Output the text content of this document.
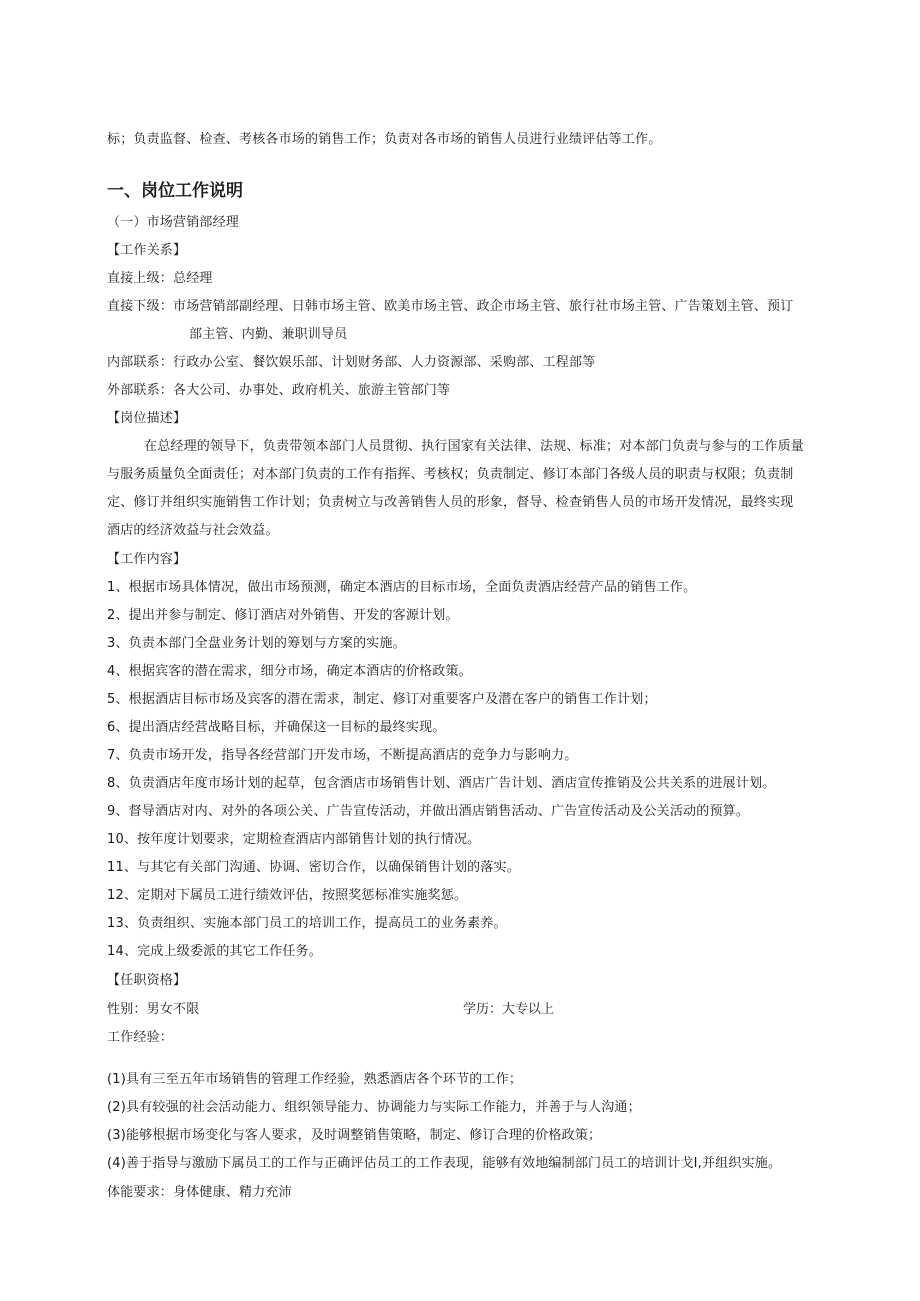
标；负责监督、检查、考核各市场的销售工作；负责对各市场的销售人员进行业绩评估等工作。
一、岗位工作说明
（一）市场营销部经理
【工作关系】
直接上级：总经理
直接下级：市场营销部副经理、日韩市场主管、欧美市场主管、政企市场主管、旅行社市场主管、广告策划主管、预订
部主管、内勤、兼职训导员
内部联系：行政办公室、餐饮娱乐部、计划财务部、人力资源部、采购部、工程部等
外部联系：各大公司、办事处、政府机关、旅游主管部门等
【岗位描述】
在总经理的领导下，负责带领本部门人员贯彻、执行国家有关法律、法规、标准；对本部门负责与参与的工作质量
与服务质量负全面责任；对本部门负责的工作有指挥、考核权；负责制定、修订本部门各级人员的职责与权限；负责制
定、修订并组织实施销售工作计划；负责树立与改善销售人员的形象，督导、检查销售人员的市场开发情况，最终实现
酒店的经济效益与社会效益。
【工作内容】
1、根据市场具体情况，做出市场预测，确定本酒店的目标市场，全面负责酒店经营产品的销售工作。
2、提出并参与制定、修订酒店对外销售、开发的客源计划。
3、负责本部门全盘业务计划的筹划与方案的实施。
4、根据宾客的潜在需求，细分市场，确定本酒店的价格政策。
5、根据酒店目标市场及宾客的潜在需求，制定、修订对重要客户及潜在客户的销售工作计划；
6、提出酒店经营战略目标，并确保这一目标的最终实现。
7、负责市场开发，指导各经营部门开发市场，不断提高酒店的竞争力与影响力。
8、负责酒店年度市场计划的起草，包含酒店市场销售计划、酒店广告计划、酒店宣传推销及公共关系的进展计划。
9、督导酒店对内、对外的各项公关、广告宣传活动，并做出酒店销售活动、广告宣传活动及公关活动的预算。
10、按年度计划要求，定期检查酒店内部销售计划的执行情况。
11、与其它有关部门沟通、协调、密切合作，以确保销售计划的落实。
12、定期对下属员工进行绩效评估，按照奖惩标准实施奖惩。
13、负责组织、实施本部门员工的培训工作，提高员工的业务素养。
14、完成上级委派的其它工作任务。
【任职资格】
性别：男女不限	学历：大专以上
工作经验：
(1)具有三至五年市场销售的管理工作经验，熟悉酒店各个环节的工作；
(2)具有较强的社会活动能力、组织领导能力、协调能力与实际工作能力，并善于与人沟通；
(3)能够根据市场变化与客人要求，及时调整销售策略，制定、修订合理的价格政策；
(4)善于指导与激励下属员工的工作与正确评估员工的工作表现，能够有效地编制部门员工的培训计戈Ⅰ,并组织实施。
体能要求：身体健康、精力充沛
